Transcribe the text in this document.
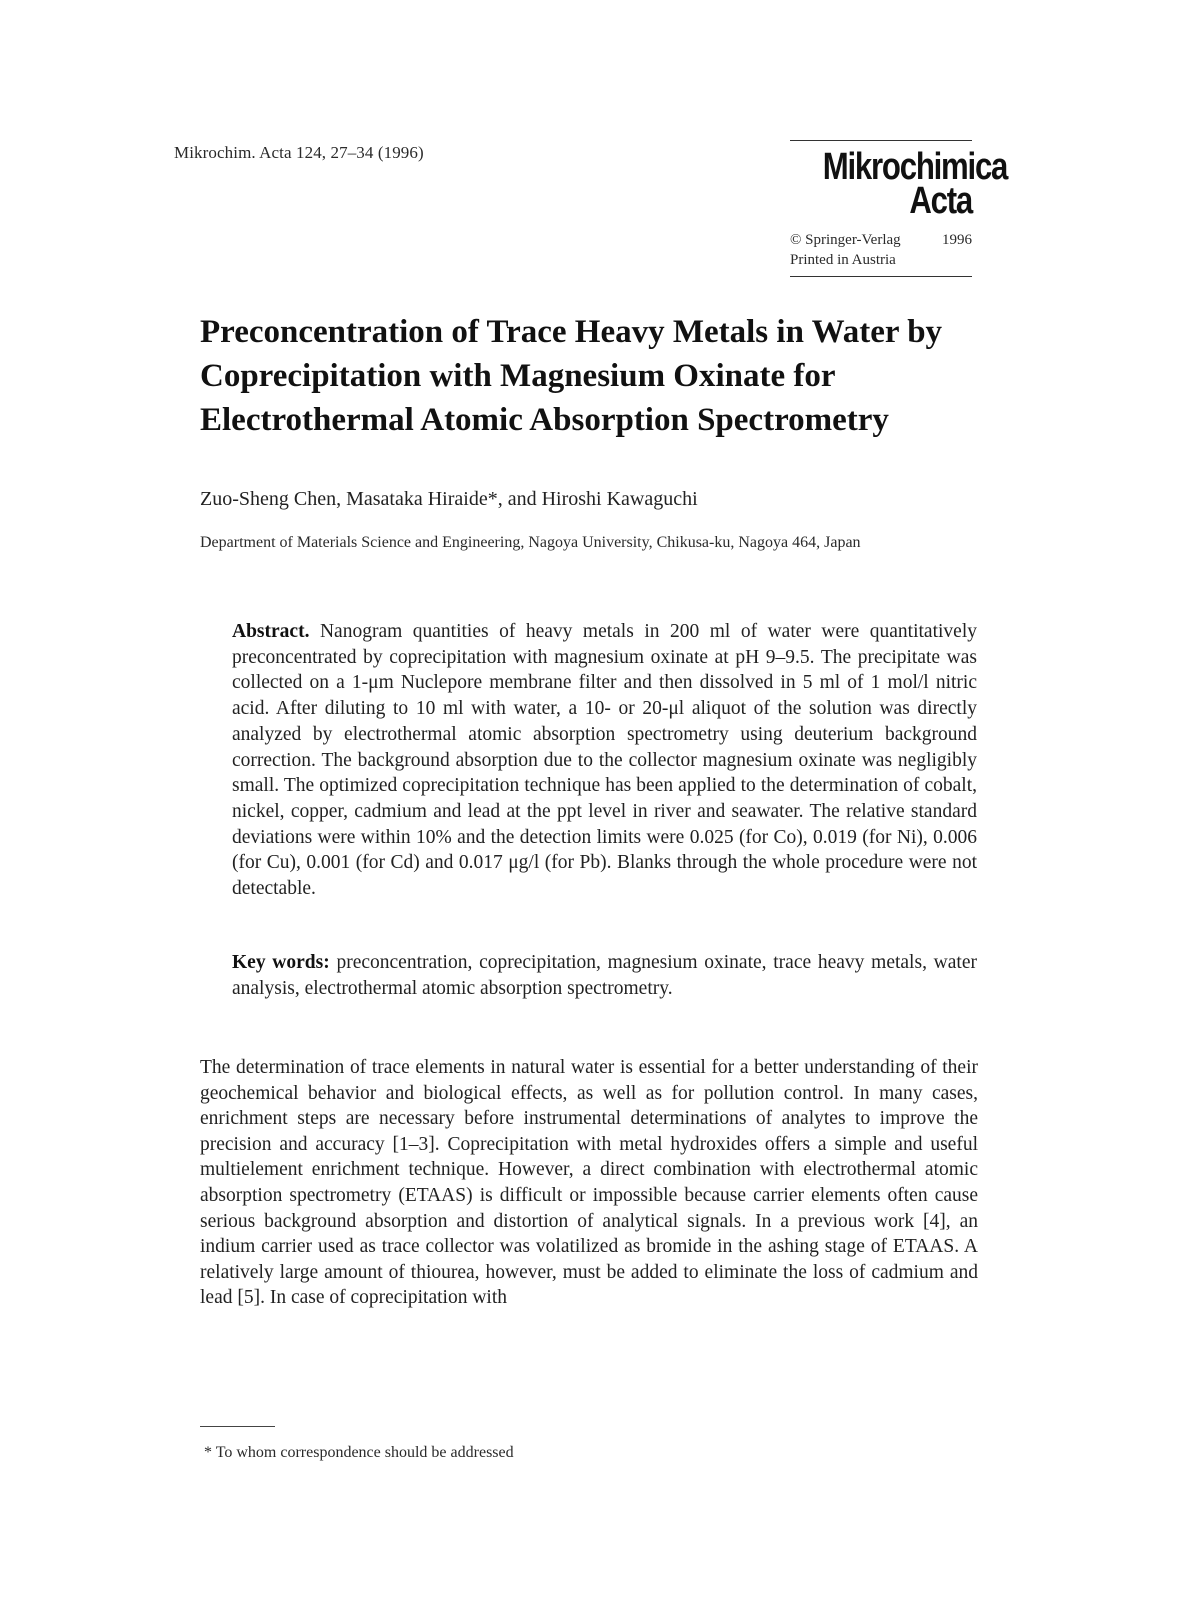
Mikrochim. Acta 124, 27–34 (1996)	Mikrochimica
Acta
© Springer-Verlag	1996
Printed in Austria
Preconcentration of Trace Heavy Metals in Water by Coprecipitation with Magnesium Oxinate for Electrothermal Atomic Absorption Spectrometry
Zuo-Sheng Chen, Masataka Hiraide*, and Hiroshi Kawaguchi
Department of Materials Science and Engineering, Nagoya University, Chikusa-ku, Nagoya 464, Japan
Abstract. Nanogram quantities of heavy metals in 200 ml of water were quantitatively preconcentrated by coprecipitation with magnesium oxinate at pH 9–9.5. The precipitate was collected on a 1-μm Nuclepore membrane filter and then dissolved in 5 ml of 1 mol/l nitric acid. After diluting to 10 ml with water, a 10- or 20-μl aliquot of the solution was directly analyzed by electrothermal atomic absorption spectrometry using deuterium background correction. The background absorption due to the collector magnesium oxinate was negligibly small. The optimized coprecipitation technique has been applied to the determination of cobalt, nickel, copper, cadmium and lead at the ppt level in river and seawater. The relative standard deviations were within 10% and the detection limits were 0.025 (for Co), 0.019 (for Ni), 0.006 (for Cu), 0.001 (for Cd) and 0.017 μg/l (for Pb). Blanks through the whole procedure were not detectable.
Key words: preconcentration, coprecipitation, magnesium oxinate, trace heavy metals, water analysis, electrothermal atomic absorption spectrometry.
The determination of trace elements in natural water is essential for a better understanding of their geochemical behavior and biological effects, as well as for pollution control. In many cases, enrichment steps are necessary before instrumental determinations of analytes to improve the precision and accuracy [1–3]. Coprecipitation with metal hydroxides offers a simple and useful multielement enrichment technique. However, a direct combination with electrothermal atomic absorption spectrometry (ETAAS) is difficult or impossible because carrier elements often cause serious background absorption and distortion of analytical signals. In a previous work [4], an indium carrier used as trace collector was volatilized as bromide in the ashing stage of ETAAS. A relatively large amount of thiourea, however, must be added to eliminate the loss of cadmium and lead [5]. In case of coprecipitation with
* To whom correspondence should be addressed
